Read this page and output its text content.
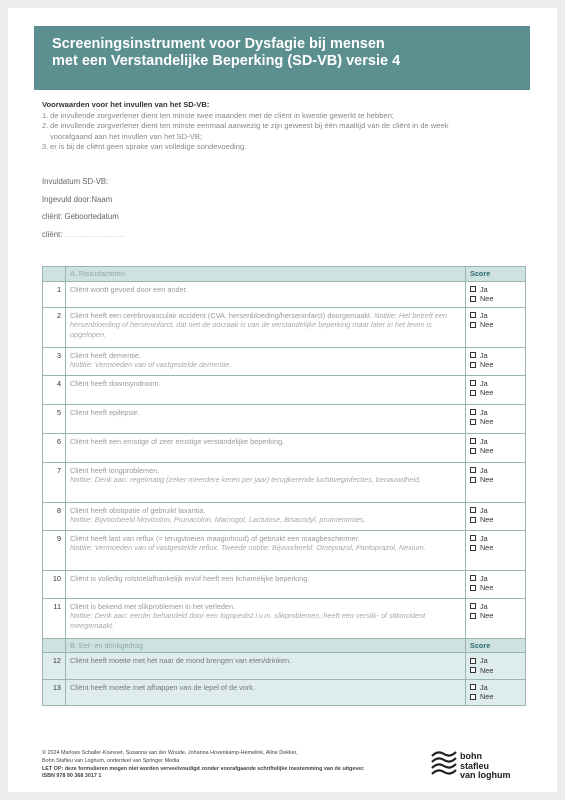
Screeningsinstrument voor Dysfagie bij mensen
met een Verstandelijke Beperking (SD-VB) versie 4
Voorwaarden voor het invullen van het SD-VB:
1. de invullende zorgverlener dient ten minste twee maanden met de cliënt in kwestie gewerkt te hebben;
2. de invullende zorgverlener dient ten minste eenmaal aanwezig te zijn geweest bij één maaltijd van de cliënt in de week
voorafgaand aan het invullen van het SD-VB;
3. er is bij de cliënt geen sprake van volledige sondevoeding.
Invuldatum SD-VB:
Ingevuld door:Naam
cliënt: Geboortedatum
cliënt: ............................
	A. Risicofactoren	Score
1	Cliënt wordt gevoed door een ander.	Ja
Nee

2	Cliënt heeft een cerebrovasculair accident (CVA, hersenbloeding/herseninfarct) doorgemaakt. Notitie: Het betreft een hersenbloeding of herseninfarct, dat niet de oorzaak is van de verstandelijke beperking maar later in het leven is opgelopen.	Ja
Nee

3	Cliënt heeft dementie.
Notitie: Vermoeden van of vastgestelde dementie.	Ja
Nee

4	Cliënt heeft downsyndroom.	Ja
Nee

5	Cliënt heeft epilepsie.	Ja
Nee

6	Cliënt heeft een ernstige of zeer ernstige verstandelijke beperking.	Ja
Nee

7	Cliënt heeft longproblemen.
Notitie: Denk aan: regelmatig (zeker meerdere keren per jaar) terugkerende luchtweginfecties, benauwdheid.	Ja
Nee

8	Cliënt heeft obstipatie of gebruikt laxantia.
Notitie: Bijvoorbeeld Movicolon, Prunacolon, Macrogol, Lactulose, Bisacodyl, pruimenmoes.	Ja
Nee

9	Cliënt heeft last van reflux (= terugvloeien maaginhoud) of gebruikt een maagbeschermer.
Notitie: Vermoeden van of vastgestelde reflux. Tweede notitie: Bijvoorbeeld: Omeprazol, Pantoprazol, Nexium.	Ja
Nee

10	Cliënt is volledig rolstoelafhankelijk en/of heeft een lichamelijke beperking.	Ja
Nee

11	Cliënt is bekend met slikproblemen in het verleden.
Notitie: Denk aan: eerder behandeld door een logopedist i.v.m. slikproblemen, heeft een verslik- of stikincident meegemaakt.	Ja
Nee

	B. Eet- en drinkgedrag	Score
12	Cliënt heeft moeite met het naar de mond brengen van eten/drinken.	Ja
Nee

13	Cliënt heeft moeite met afhappen van de lepel of de vork.	Ja
Nee
© 2024 Marloes Schaller-Koevoet, Susanna van der Woude, Johanna Hovenkamp-Hemelink, Aline Dekker,
Bohn Stafleu van Loghum, onderdeel van Springer Media
LET OP: deze formulieren mogen niet worden verveelvoudigd zonder voorafgaande schriftelijke toestemming van de uitgever.
ISBN 978 90 368 3017 1
bohn
stafleu
van loghum
